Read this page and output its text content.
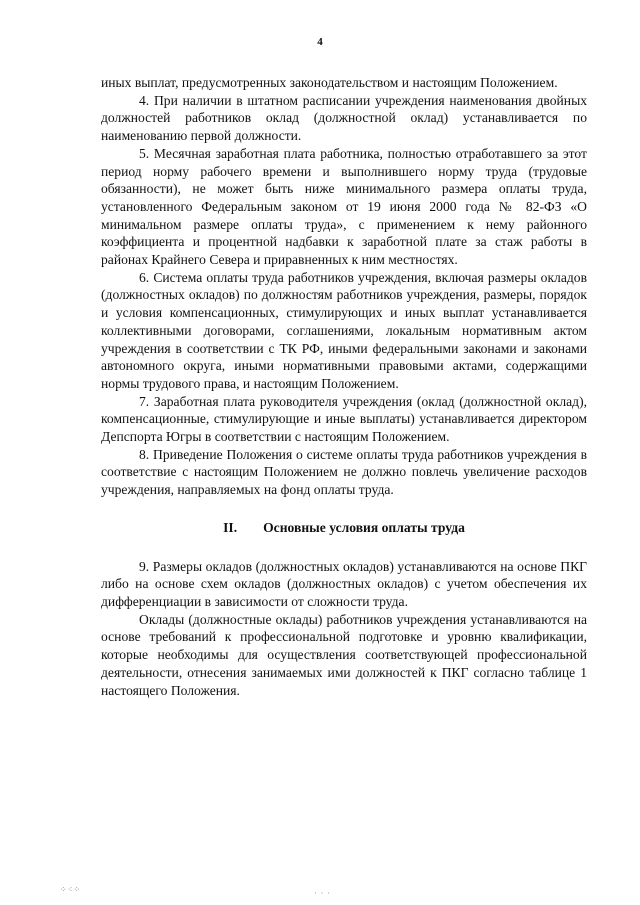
4

иных выплат, предусмотренных законодательством и настоящим Положением.

4. При наличии в штатном расписании учреждения наименования двойных должностей работников оклад (должностной оклад) устанавливается по наименованию первой должности.

5. Месячная заработная плата работника, полностью отработавшего за этот период норму рабочего времени и выполнившего норму труда (трудовые обязанности), не может быть ниже минимального размера оплаты труда, установленного Федеральным законом от 19 июня 2000 года № 82-ФЗ «О минимальном размере оплаты труда», с применением к нему районного коэффициента и процентной надбавки к заработной плате за стаж работы в районах Крайнего Севера и приравненных к ним местностях.

6. Система оплаты труда работников учреждения, включая размеры окладов (должностных окладов) по должностям работников учреждения, размеры, порядок и условия компенсационных, стимулирующих и иных выплат устанавливается коллективными договорами, соглашениями, локальным нормативным актом учреждения в соответствии с ТК РФ, иными федеральными законами и законами автономного округа, иными нормативными правовыми актами, содержащими нормы трудового права, и настоящим Положением.

7. Заработная плата руководителя учреждения (оклад (должностной оклад), компенсационные, стимулирующие и иные выплаты) устанавливается директором Депспорта Югры в соответствии с настоящим Положением.

8. Приведение Положения о системе оплаты труда работников учреждения в соответствие с настоящим Положением не должно повлечь увеличение расходов учреждения, направляемых на фонд оплаты труда.

II. Основные условия оплаты труда

9. Размеры окладов (должностных окладов) устанавливаются на основе ПКГ либо на основе схем окладов (должностных окладов) с учетом обеспечения их дифференциации в зависимости от сложности труда.

Оклады (должностные оклады) работников учреждения устанавливаются на основе требований к профессиональной подготовке и уровню квалификации, которые необходимы для осуществления соответствующей профессиональной деятельности, отнесения занимаемых ими должностей к ПКГ согласно таблице 1 настоящего Положения.

⁘⁖⁘	· · ·
